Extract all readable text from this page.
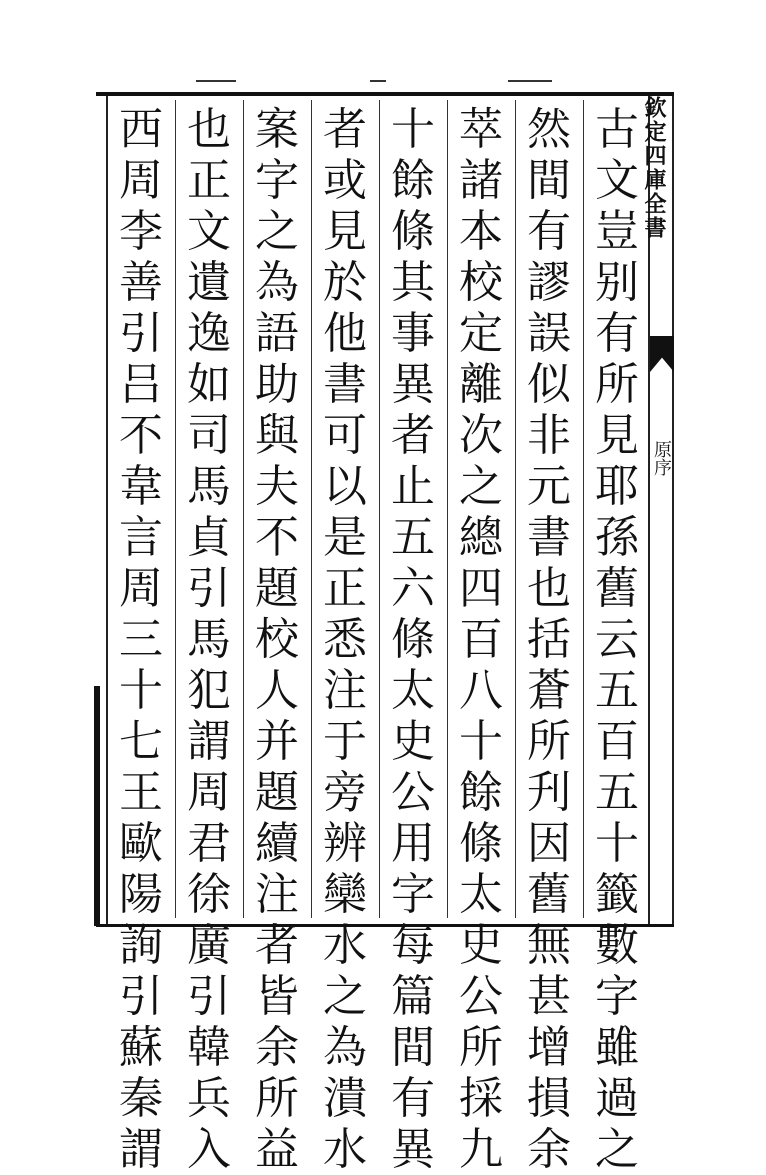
欽定四庫全書
原序
古
文
豈
别
有
所
見
耶
孫
舊
云
五
百
五
十
籤
數
字
雖
過
之
然
間
有
謬
誤
似
非
元
書
也
括
蒼
所
刋
因
舊
無
甚
增
損
余
萃
諸
本
校
定
離
次
之
總
四
百
八
十
餘
條
太
史
公
所
採
九
十
餘
條
其
事
異
者
止
五
六
條
太
史
公
用
字
每
篇
間
有
異
者
或
見
於
他
書
可
以
是
正
悉
注
于
旁
辨
欒
水
之
為
潰
水
案
字
之
為
語
助
與
夫
不
題
校
人
并
題
續
注
者
皆
余
所
益
也
正
文
遺
逸
如
司
馬
貞
引
馬
犯
謂
周
君
徐
廣
引
韓
兵
入
西
周
李
善
引
吕
不
韋
言
周
三
十
七
王
歐
陽
詢
引
蘇
秦
謂
